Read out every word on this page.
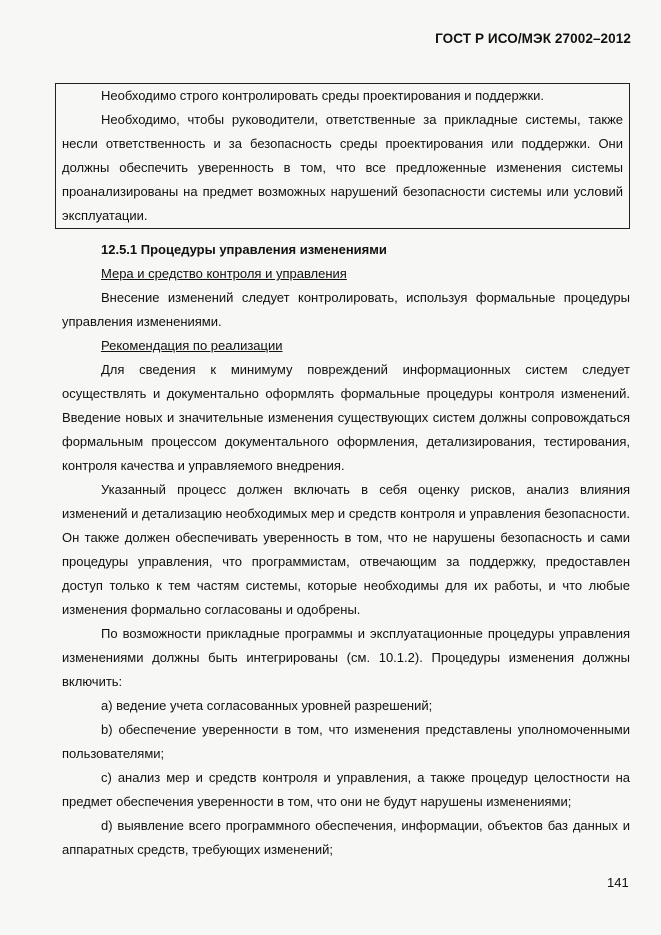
ГОСТ Р ИСО/МЭК 27002–2012

Необходимо строго контролировать среды проектирования и поддержки.

Необходимо, чтобы руководители, ответственные за прикладные системы, также несли ответственность и за безопасность среды проектирования или поддержки. Они должны обеспечить уверенность в том, что все предложенные изменения системы проанализированы на предмет возможных нарушений безопасности системы или условий эксплуатации.

12.5.1 Процедуры управления изменениями

Мера и средство контроля и управления

Внесение изменений следует контролировать, используя формальные процедуры управления изменениями.

Рекомендация по реализации

Для сведения к минимуму повреждений информационных систем следует осуществлять и документально оформлять формальные процедуры контроля изменений. Введение новых и значительные изменения существующих систем должны сопровождаться формальным процессом документального оформления, детализирования, тестирования, контроля качества и управляемого внедрения.

Указанный процесс должен включать в себя оценку рисков, анализ влияния изменений и детализацию необходимых мер и средств контроля и управления безопасности. Он также должен обеспечивать уверенность в том, что не нарушены безопасность и сами процедуры управления, что программистам, отвечающим за поддержку, предоставлен доступ только к тем частям системы, которые необходимы для их работы, и что любые изменения формально согласованы и одобрены.

По возможности прикладные программы и эксплуатационные процедуры управления изменениями должны быть интегрированы (см. 10.1.2). Процедуры изменения должны включить:

a) ведение учета согласованных уровней разрешений;

b) обеспечение уверенности в том, что изменения представлены уполномоченными пользователями;

c) анализ мер и средств контроля и управления, а также процедур целостности на предмет обеспечения уверенности в том, что они не будут нарушены изменениями;

d) выявление всего программного обеспечения, информации, объектов баз данных и аппаратных средств, требующих изменений;

141
